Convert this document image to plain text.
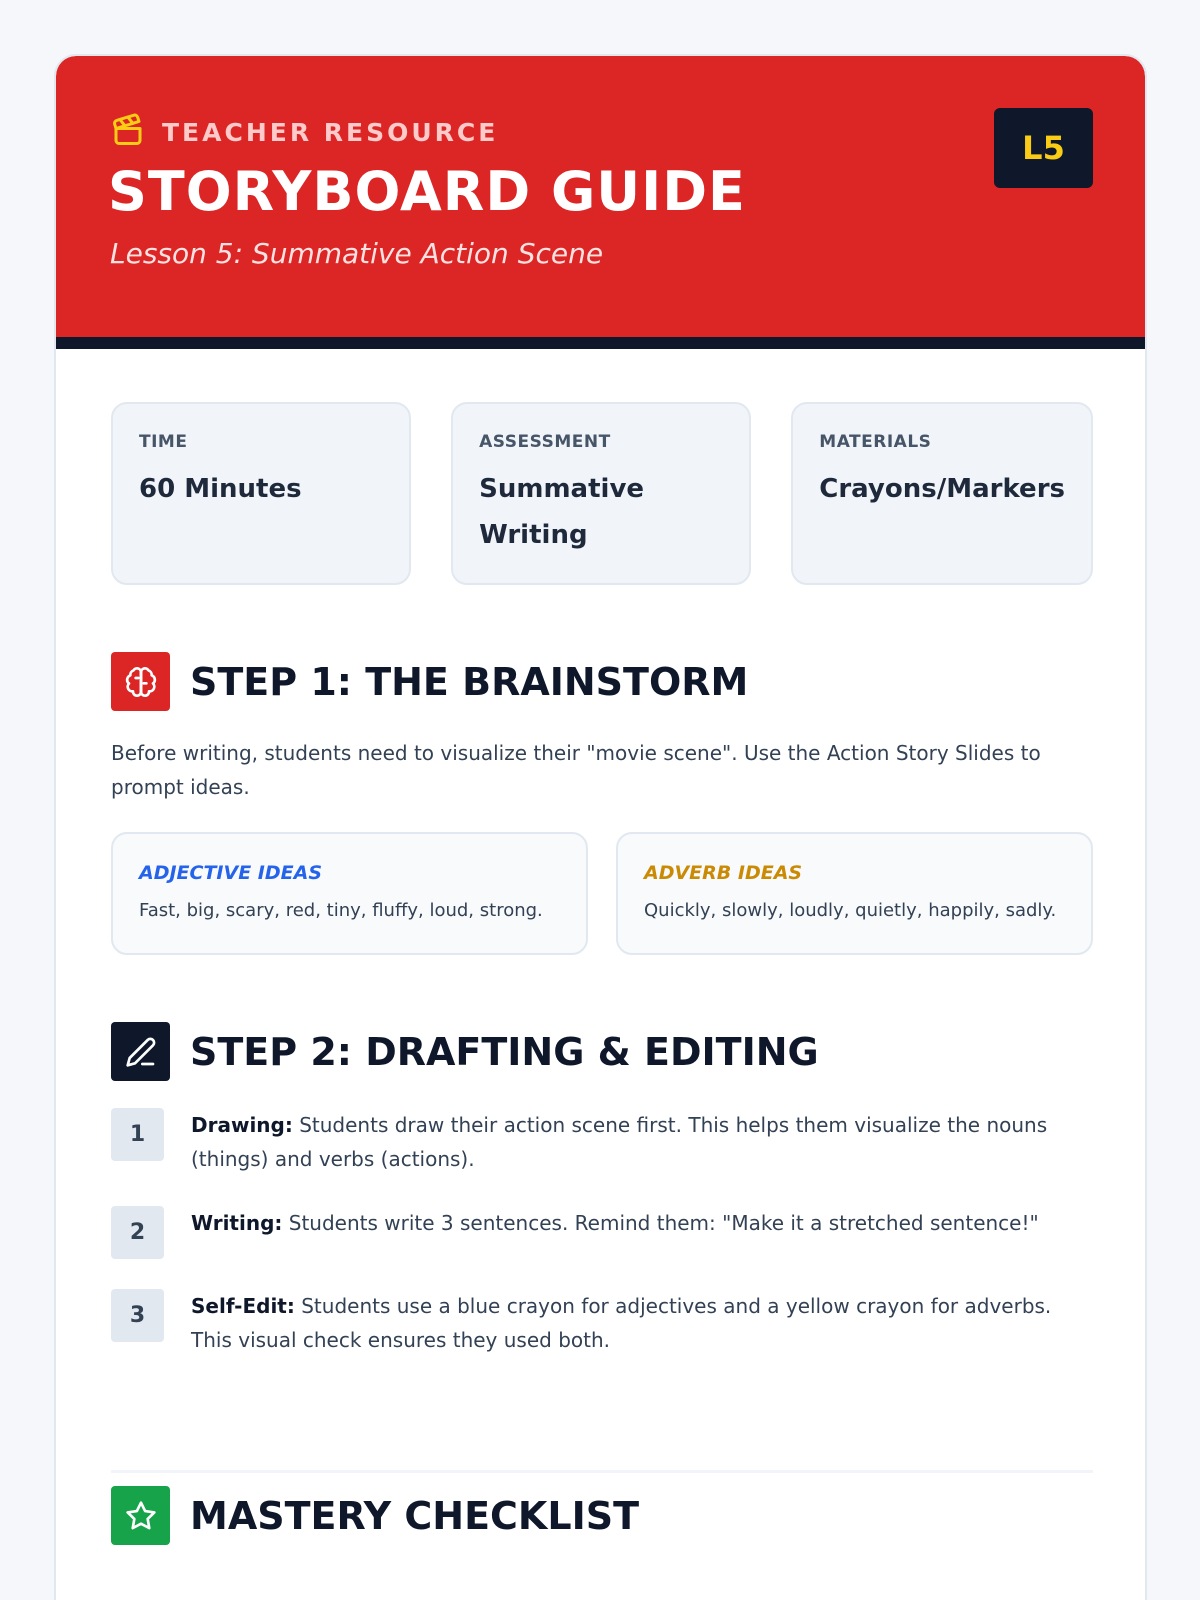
TEACHER RESOURCE
STORYBOARD GUIDE
Lesson 5: Summative Action Scene
L5
TIME
60 Minutes
ASSESSMENT
Summative Writing
MATERIALS
Crayons/Markers
STEP 1: THE BRAINSTORM

Before writing, students need to visualize their "movie scene". Use the Action Story Slides to prompt ideas.

ADJECTIVE IDEAS
Fast, big, scary, red, tiny, fluffy, loud, strong.
ADVERB IDEAS
Quickly, slowly, loudly, quietly, happily, sadly.
STEP 2: DRAFTING & EDITING
1	Drawing: Students draw their action scene first. This helps them visualize the nouns (things) and verbs (actions).
2	Writing: Students write 3 sentences. Remind them: "Make it a stretched sentence!"
3	Self-Edit: Students use a blue crayon for adjectives and a yellow crayon for adverbs. This visual check ensures they used both.
MASTERY CHECKLIST
